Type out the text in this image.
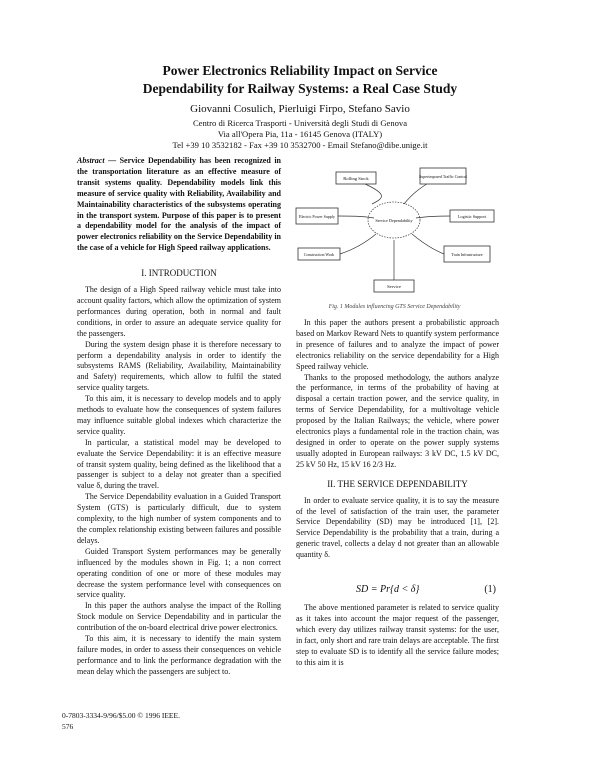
Power Electronics Reliability Impact on Service
Dependability for Railway Systems: a Real Case Study
Giovanni Cosulich, Pierluigi Firpo, Stefano Savio
Centro di Ricerca Trasporti - Università degli Studi di Genova
Via all'Opera Pia, 11a - 16145 Genova (ITALY)
Tel +39 10 3532182 - Fax +39 10 3532700 - Email Stefano@dibe.unige.it

Abstract — Service Dependability has been recognized in the transportation literature as an effective measure of transit systems quality. Dependability models link this measure of service quality with Reliability, Availability and Maintainability characteristics of the subsystems operating in the transport system. Purpose of this paper is to present a dependability model for the analysis of the impact of power electronics reliability on the Service Dependability in the case of a vehicle for High Speed railway applications.

I. INTRODUCTION

The design of a High Speed railway vehicle must take into account quality factors, which allow the optimization of system performances during operation, both in normal and fault conditions, in order to assure an adequate service quality for the passengers.

During the system design phase it is therefore necessary to perform a dependability analysis in order to identify the subsystems RAMS (Reliability, Availability, Maintainability and Safety) requirements, which allow to fulfil the stated service quality targets.

To this aim, it is necessary to develop models and to apply methods to evaluate how the consequences of system failures may influence suitable global indexes which characterize the service quality.

In particular, a statistical model may be developed to evaluate the Service Dependability: it is an effective measure of transit system quality, being defined as the likelihood that a passenger is subject to a delay not greater than a specified value δ, during the travel.

The Service Dependability evaluation in a Guided Transport System (GTS) is particularly difficult, due to system complexity, to the high number of system components and to the complex relationship existing between failures and possible delays.

Guided Transport System performances may be generally influenced by the modules shown in Fig. 1; a non correct operating condition of one or more of these modules may decrease the system performance level with consequences on service quality.

In this paper the authors analyse the impact of the Rolling Stock module on Service Dependability and in particular the contribution of the on-board electrical drive power electronics.

To this aim, it is necessary to identify the main system failure modes, in order to assess their consequences on vehicle performance and to link the performance degradation with the mean delay which the passengers are subject to.

Rolling Stock	Superimposed Traffic Control
Electric Power Supply	Logistic Support
Construction Work	Train Infrastructure
Service Dependability
Service
Fig. 1 Modules influencing GTS Service Dependability

In this paper the authors present a probabilistic approach based on Markov Reward Nets to quantify system performance in presence of failures and to analyze the impact of power electronics reliability on the service dependability for a High Speed railway vehicle.

Thanks to the proposed methodology, the authors analyze the performance, in terms of the probability of having at disposal a certain traction power, and the service quality, in terms of Service Dependability, for a multivoltage vehicle proposed by the Italian Railways; the vehicle, where power electronics plays a fundamental role in the traction chain, was designed in order to operate on the power supply systems usually adopted in European railways: 3 kV DC, 1.5 kV DC, 25 kV 50 Hz, 15 kV 16 2/3 Hz.

II. THE SERVICE DEPENDABILITY

In order to evaluate service quality, it is to say the measure of the level of satisfaction of the train user, the parameter Service Dependability (SD) may be introduced [1], [2]. Service Dependability is the probability that a train, during a generic travel, collects a delay d not greater than an allowable quantity δ.

SD = Pr{d < δ}	(1)

The above mentioned parameter is related to service quality as it takes into account the major request of the passenger, which every day utilizes railway transit systems: for the user, in fact, only short and rare train delays are acceptable. The first step to evaluate SD is to identify all the service failure modes; to this aim it is

0-7803-3334-9/96/$5.00 © 1996 IEEE.
576
